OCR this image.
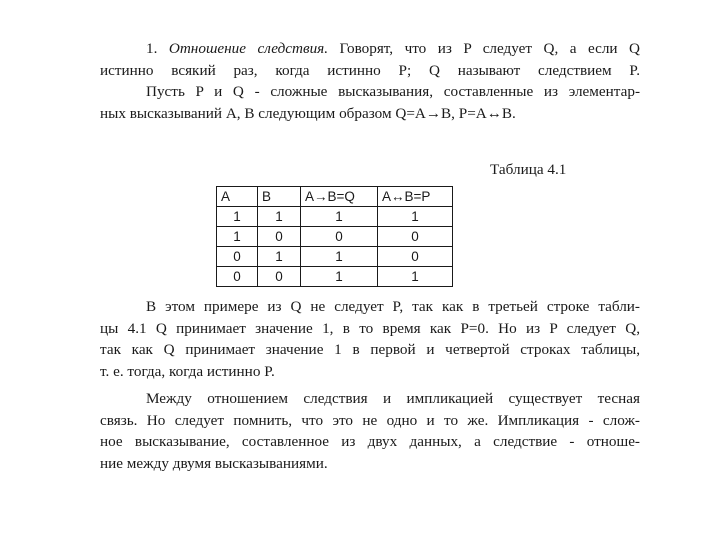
1. Отношение следствия. Говорят, что из P следует Q, а если Q
истинно всякий раз, когда истинно P; Q называют следствием P.
Пусть P и Q - сложные высказывания, составленные из элементар-
ных высказываний A, B следующим образом Q=A→B, P=A↔B.
Таблица 4.1
A	B	A→B=Q	A↔B=P
1	1	1	1
1	0	0	0
0	1	1	0
0	0	1	1
В этом примере из Q не следует P, так как в третьей строке табли-
цы 4.1 Q принимает значение 1, в то время как P=0. Но из P следует Q,
так как Q принимает значение 1 в первой и четвертой строках таблицы,
т. е. тогда, когда истинно P.
Между отношением следствия и импликацией существует тесная
связь. Но следует помнить, что это не одно и то же. Импликация - слож-
ное высказывание, составленное из двух данных, а следствие - отноше-
ние между двумя высказываниями.
